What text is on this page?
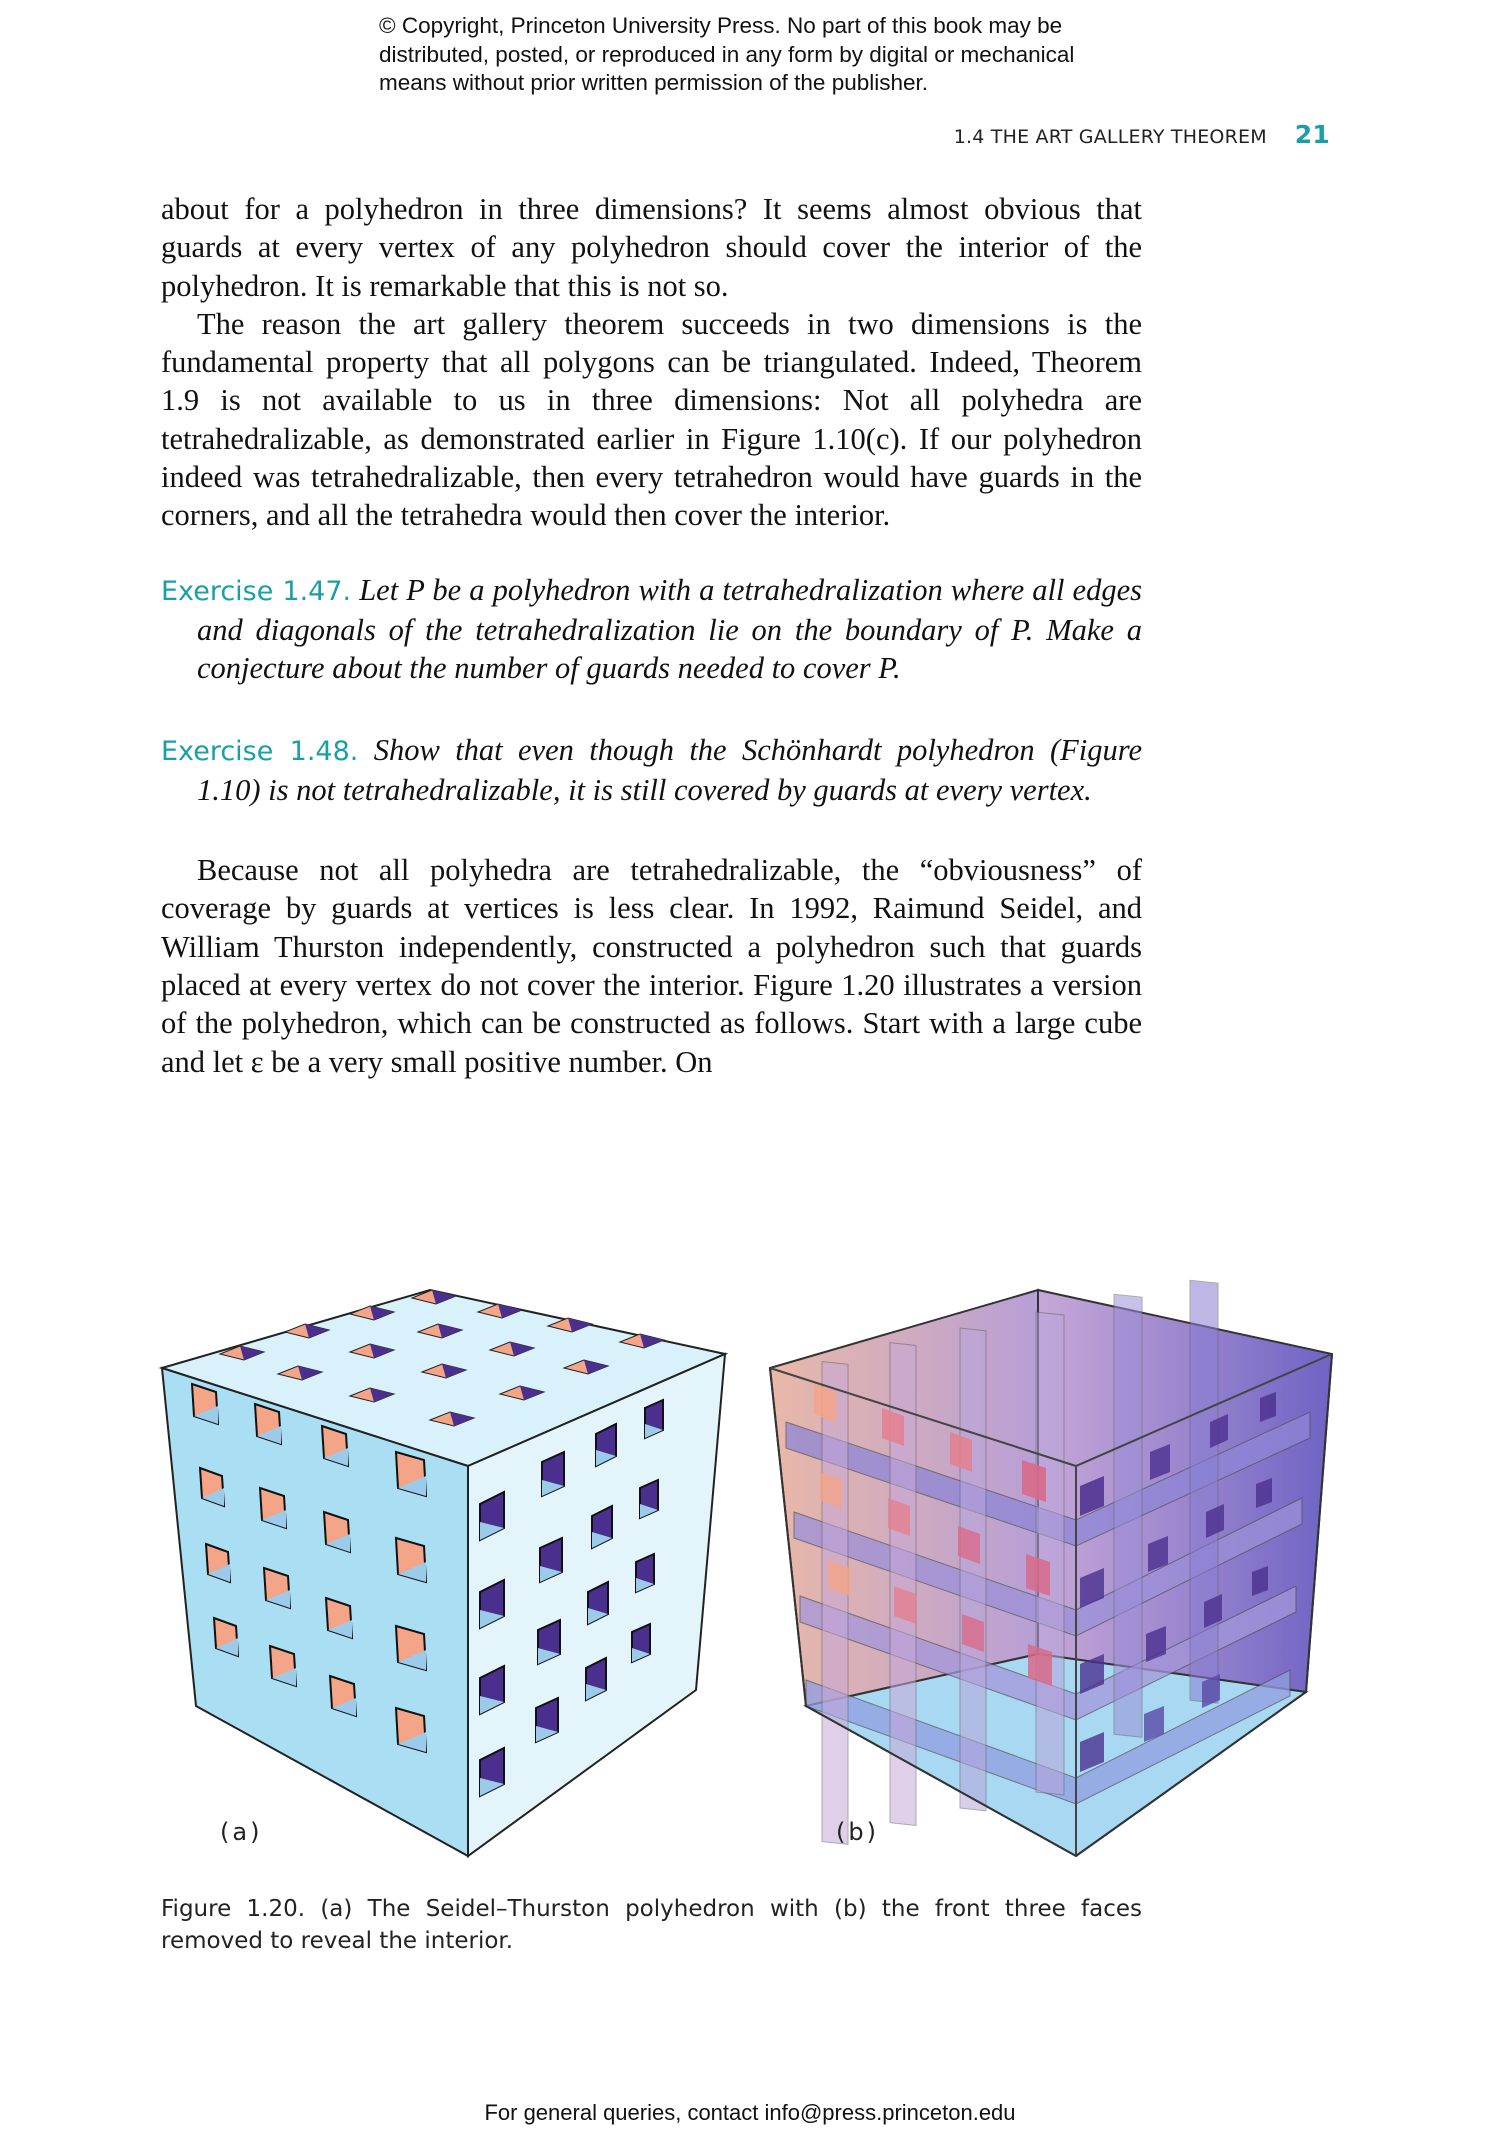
© Copyright, Princeton University Press. No part of this book may be
distributed, posted, or reproduced in any form by digital or mechanical
means without prior written permission of the publisher.
1.4 THE ART GALLERY THEOREM 21

about for a polyhedron in three dimensions? It seems almost obvious that guards at every vertex of any polyhedron should cover the interior of the polyhedron. It is remarkable that this is not so.

The reason the art gallery theorem succeeds in two dimensions is the fundamental property that all polygons can be triangulated. Indeed, Theorem 1.9 is not available to us in three dimensions: Not all polyhedra are tetrahedralizable, as demonstrated earlier in Figure 1.10(c). If our polyhedron indeed was tetrahedralizable, then every tetrahedron would have guards in the corners, and all the tetrahedra would then cover the interior.

Exercise 1.47. Let P be a polyhedron with a tetrahedralization where all edges and diagonals of the tetrahedralization lie on the boundary of P. Make a conjecture about the number of guards needed to cover P.

Exercise 1.48. Show that even though the Schönhardt polyhedron (Figure 1.10) is not tetrahedralizable, it is still covered by guards at every vertex.

Because not all polyhedra are tetrahedralizable, the “obviousness” of coverage by guards at vertices is less clear. In 1992, Raimund Seidel, and William Thurston independently, constructed a polyhedron such that guards placed at every vertex do not cover the interior. Figure 1.20 illustrates a version of the polyhedron, which can be constructed as follows. Start with a large cube and let ε be a very small positive number. On

(a)	(b)
Figure 1.20. (a) The Seidel–Thurston polyhedron with (b) the front three faces removed to reveal the interior.
For general queries, contact info@press.princeton.edu
